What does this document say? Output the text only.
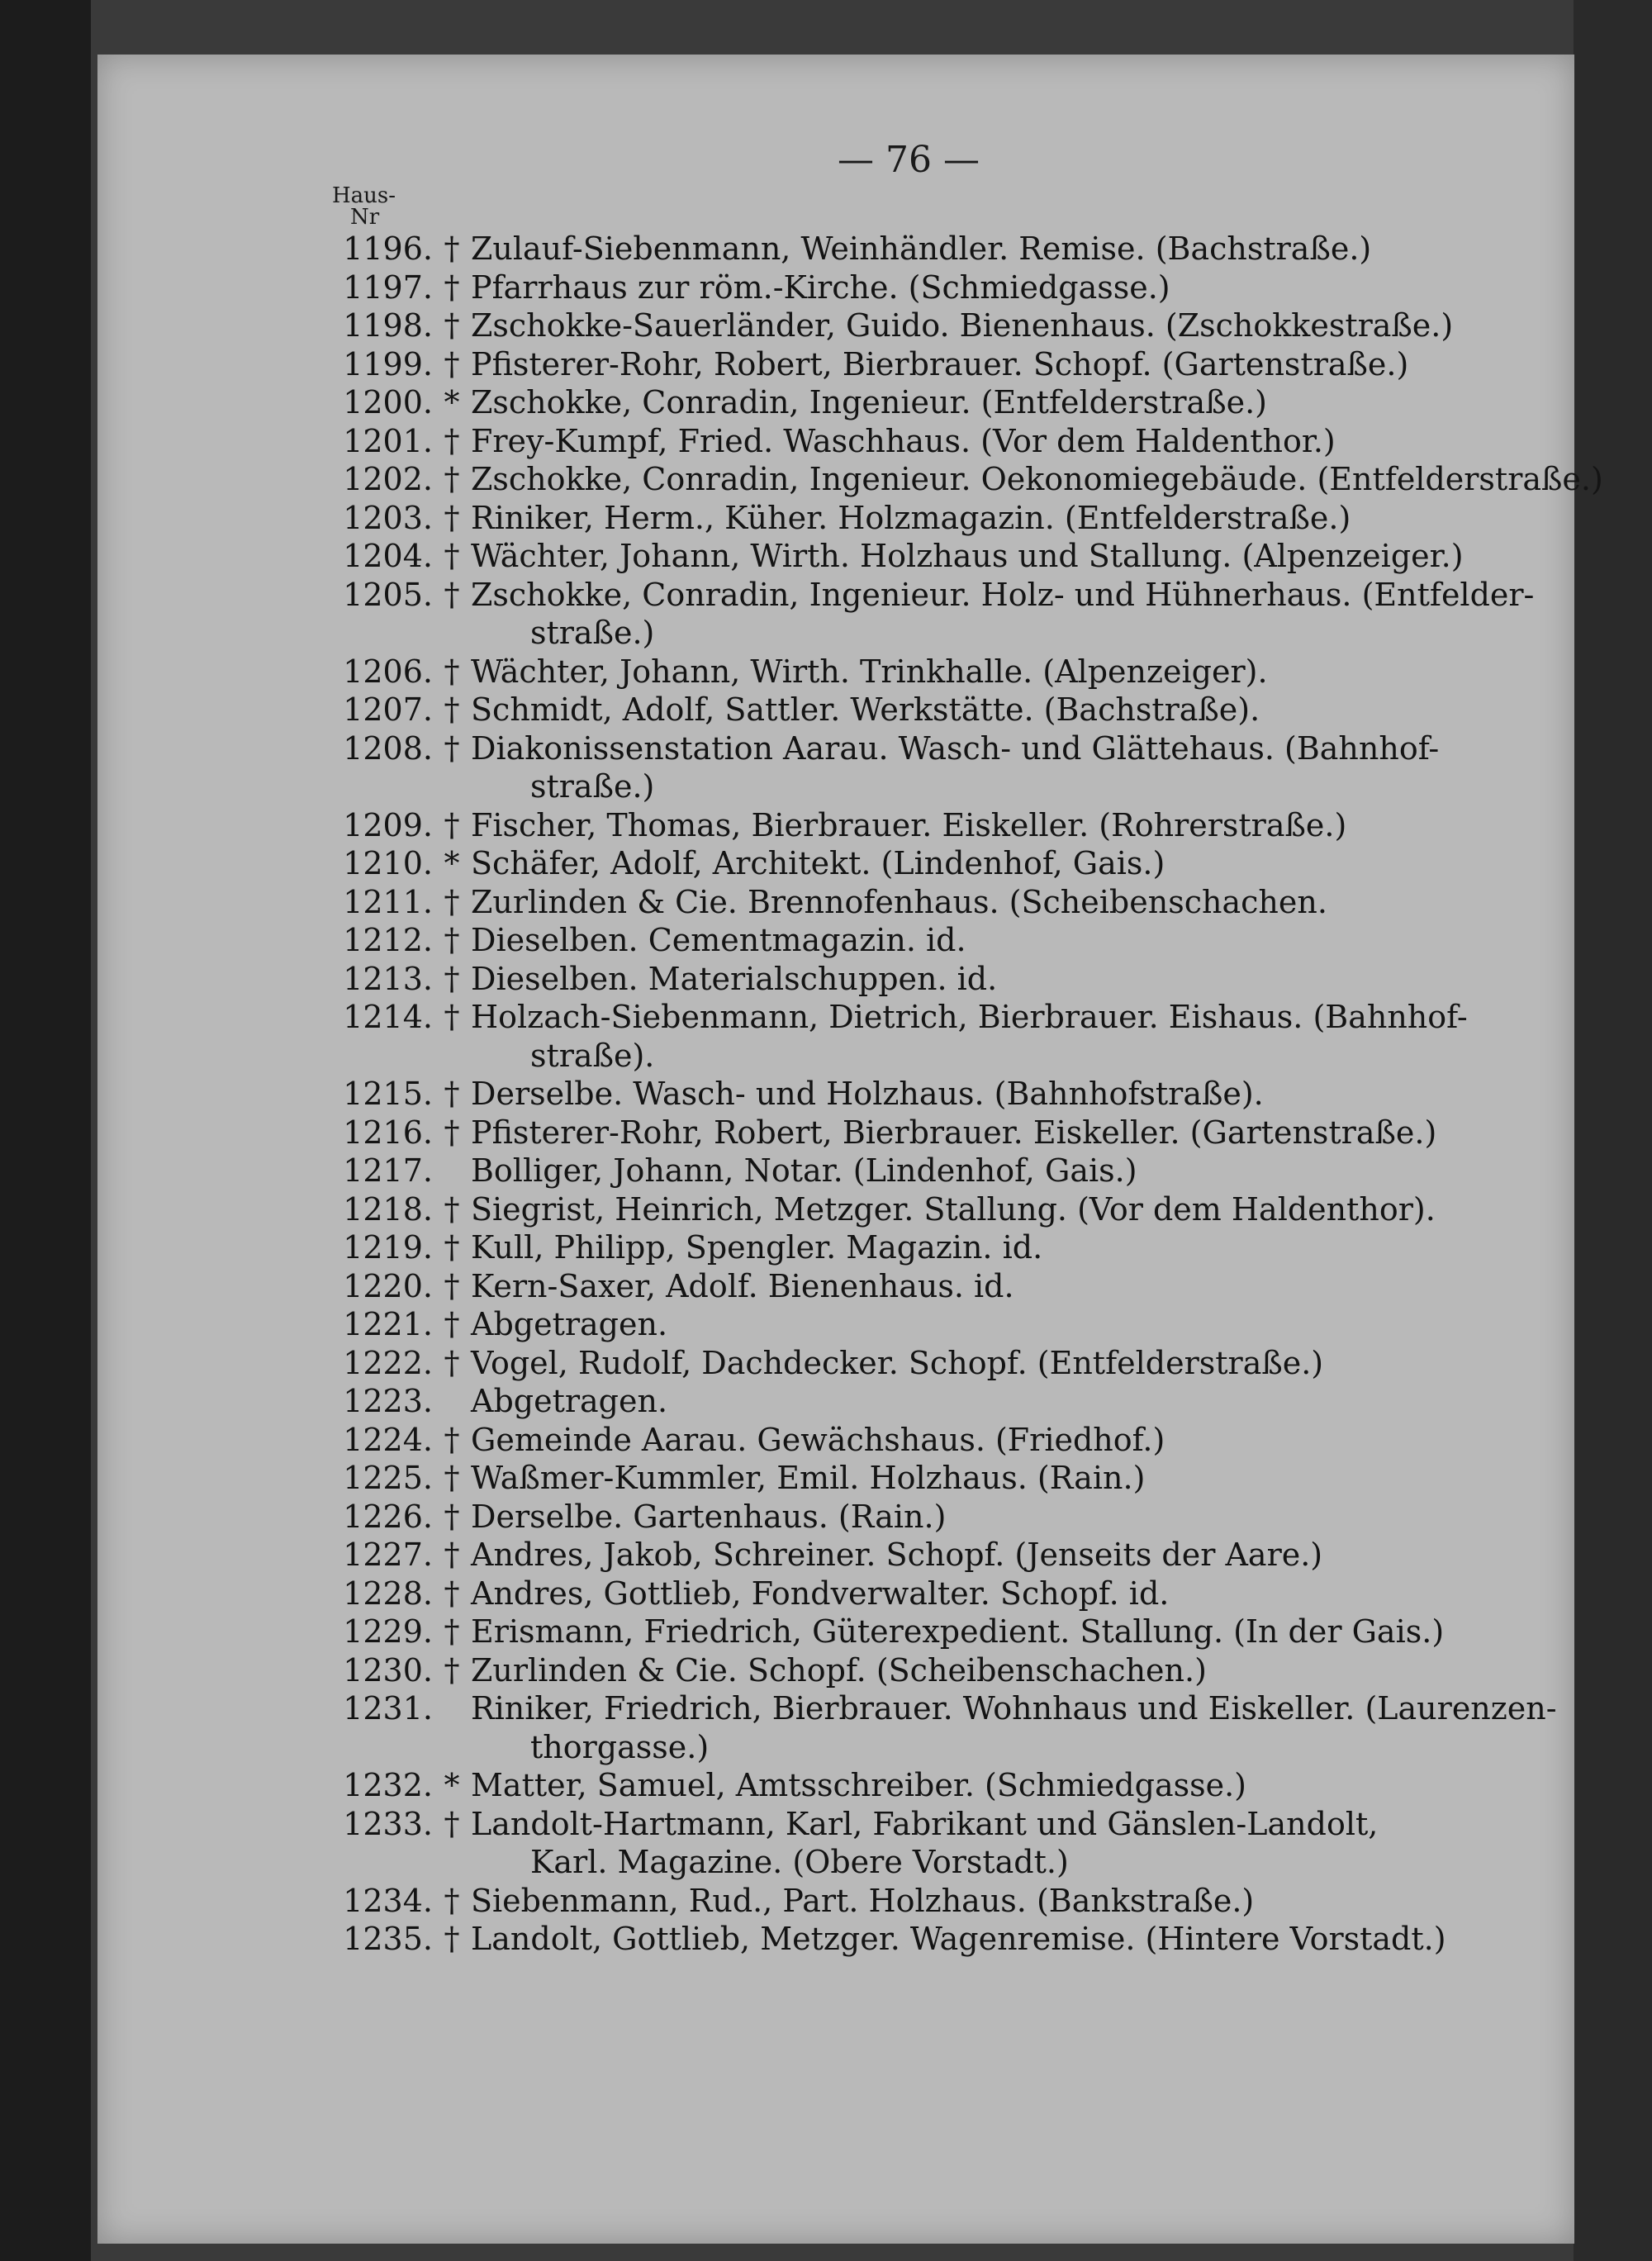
— 76 —
Haus-
Nr
1196. † Zulauf-Siebenmann, Weinhändler. Remise. (Bachstraße.)
1197. † Pfarrhaus zur röm.-Kirche. (Schmiedgasse.)
1198. † Zschokke-Sauerländer, Guido. Bienenhaus. (Zschokkestraße.)
1199. † Pfisterer-Rohr, Robert, Bierbrauer. Schopf. (Gartenstraße.)
1200. * Zschokke, Conradin, Ingenieur. (Entfelderstraße.)
1201. † Frey-Kumpf, Fried. Waschhaus. (Vor dem Haldenthor.)
1202. † Zschokke, Conradin, Ingenieur. Oekonomiegebäude. (Entfelderstraße.)
1203. † Riniker, Herm., Küher. Holzmagazin. (Entfelderstraße.)
1204. † Wächter, Johann, Wirth. Holzhaus und Stallung. (Alpenzeiger.)
1205. † Zschokke, Conradin, Ingenieur. Holz- und Hühnerhaus. (Entfelder-
straße.)
1206. † Wächter, Johann, Wirth. Trinkhalle. (Alpenzeiger).
1207. † Schmidt, Adolf, Sattler. Werkstätte. (Bachstraße).
1208. † Diakonissenstation Aarau. Wasch- und Glättehaus. (Bahnhof-
straße.)
1209. † Fischer, Thomas, Bierbrauer. Eiskeller. (Rohrerstraße.)
1210. * Schäfer, Adolf, Architekt. (Lindenhof, Gais.)
1211. † Zurlinden & Cie. Brennofenhaus. (Scheibenschachen.
1212. † Dieselben. Cementmagazin. id.
1213. † Dieselben. Materialschuppen. id.
1214. † Holzach-Siebenmann, Dietrich, Bierbrauer. Eishaus. (Bahnhof-
straße).
1215. † Derselbe. Wasch- und Holzhaus. (Bahnhofstraße).
1216. † Pfisterer-Rohr, Robert, Bierbrauer. Eiskeller. (Gartenstraße.)
1217. Bolliger, Johann, Notar. (Lindenhof, Gais.)
1218. † Siegrist, Heinrich, Metzger. Stallung. (Vor dem Haldenthor).
1219. † Kull, Philipp, Spengler. Magazin. id.
1220. † Kern-Saxer, Adolf. Bienenhaus. id.
1221. † Abgetragen.
1222. † Vogel, Rudolf, Dachdecker. Schopf. (Entfelderstraße.)
1223. Abgetragen.
1224. † Gemeinde Aarau. Gewächshaus. (Friedhof.)
1225. † Waßmer-Kummler, Emil. Holzhaus. (Rain.)
1226. † Derselbe. Gartenhaus. (Rain.)
1227. † Andres, Jakob, Schreiner. Schopf. (Jenseits der Aare.)
1228. † Andres, Gottlieb, Fondverwalter. Schopf. id.
1229. † Erismann, Friedrich, Güterexpedient. Stallung. (In der Gais.)
1230. † Zurlinden & Cie. Schopf. (Scheibenschachen.)
1231. Riniker, Friedrich, Bierbrauer. Wohnhaus und Eiskeller. (Laurenzen-
thorgasse.)
1232. * Matter, Samuel, Amtsschreiber. (Schmiedgasse.)
1233. † Landolt-Hartmann, Karl, Fabrikant und Gänslen-Landolt,
Karl. Magazine. (Obere Vorstadt.)
1234. † Siebenmann, Rud., Part. Holzhaus. (Bankstraße.)
1235. † Landolt, Gottlieb, Metzger. Wagenremise. (Hintere Vorstadt.)
